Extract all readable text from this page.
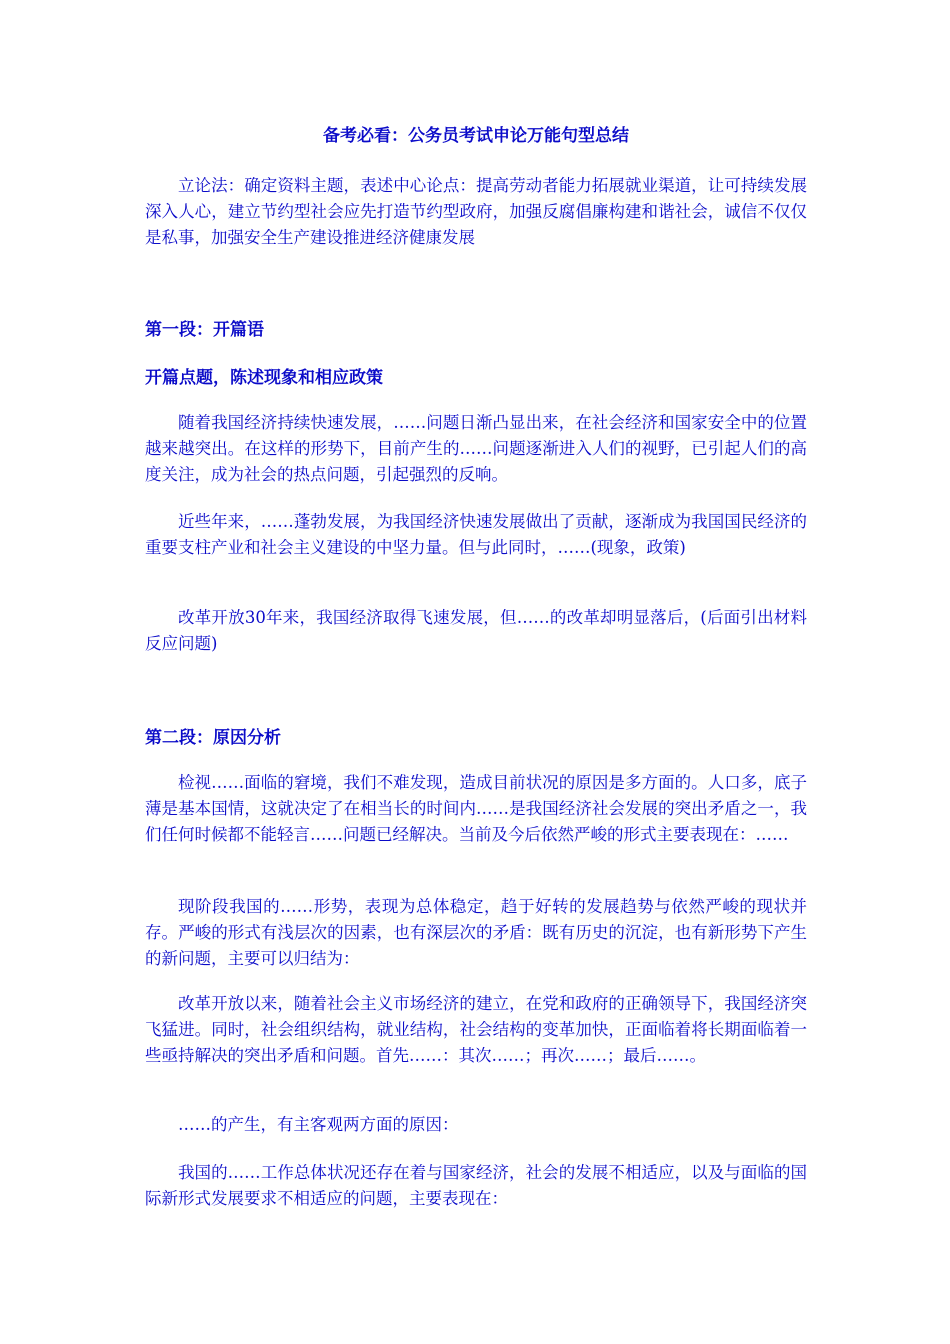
备考必看：公务员考试申论万能句型总结

立论法：确定资料主题，表述中心论点：提高劳动者能力拓展就业渠道，让可持续发展深入人心，建立节约型社会应先打造节约型政府，加强反腐倡廉构建和谐社会，诚信不仅仅是私事，加强安全生产建设推进经济健康发展

第一段：开篇语
开篇点题，陈述现象和相应政策

随着我国经济持续快速发展，……问题日渐凸显出来，在社会经济和国家安全中的位置越来越突出。在这样的形势下，目前产生的……问题逐渐进入人们的视野，已引起人们的高度关注，成为社会的热点问题，引起强烈的反响。

近些年来，……蓬勃发展，为我国经济快速发展做出了贡献，逐渐成为我国国民经济的重要支柱产业和社会主义建设的中坚力量。但与此同时，……(现象，政策)

改革开放30年来，我国经济取得飞速发展，但……的改革却明显落后，(后面引出材料反应问题)

第二段：原因分析

检视……面临的窘境，我们不难发现，造成目前状况的原因是多方面的。人口多，底子薄是基本国情，这就决定了在相当长的时间内……是我国经济社会发展的突出矛盾之一，我们任何时候都不能轻言……问题已经解决。当前及今后依然严峻的形式主要表现在：……

现阶段我国的……形势，表现为总体稳定，趋于好转的发展趋势与依然严峻的现状并存。严峻的形式有浅层次的因素，也有深层次的矛盾：既有历史的沉淀，也有新形势下产生的新问题，主要可以归结为：

改革开放以来，随着社会主义市场经济的建立，在党和政府的正确领导下，我国经济突飞猛进。同时，社会组织结构，就业结构，社会结构的变革加快，正面临着将长期面临着一些亟持解决的突出矛盾和问题。首先……：其次……；再次……；最后……。

……的产生，有主客观两方面的原因：

我国的……工作总体状况还存在着与国家经济，社会的发展不相适应，以及与面临的国际新形式发展要求不相适应的问题，主要表现在：
